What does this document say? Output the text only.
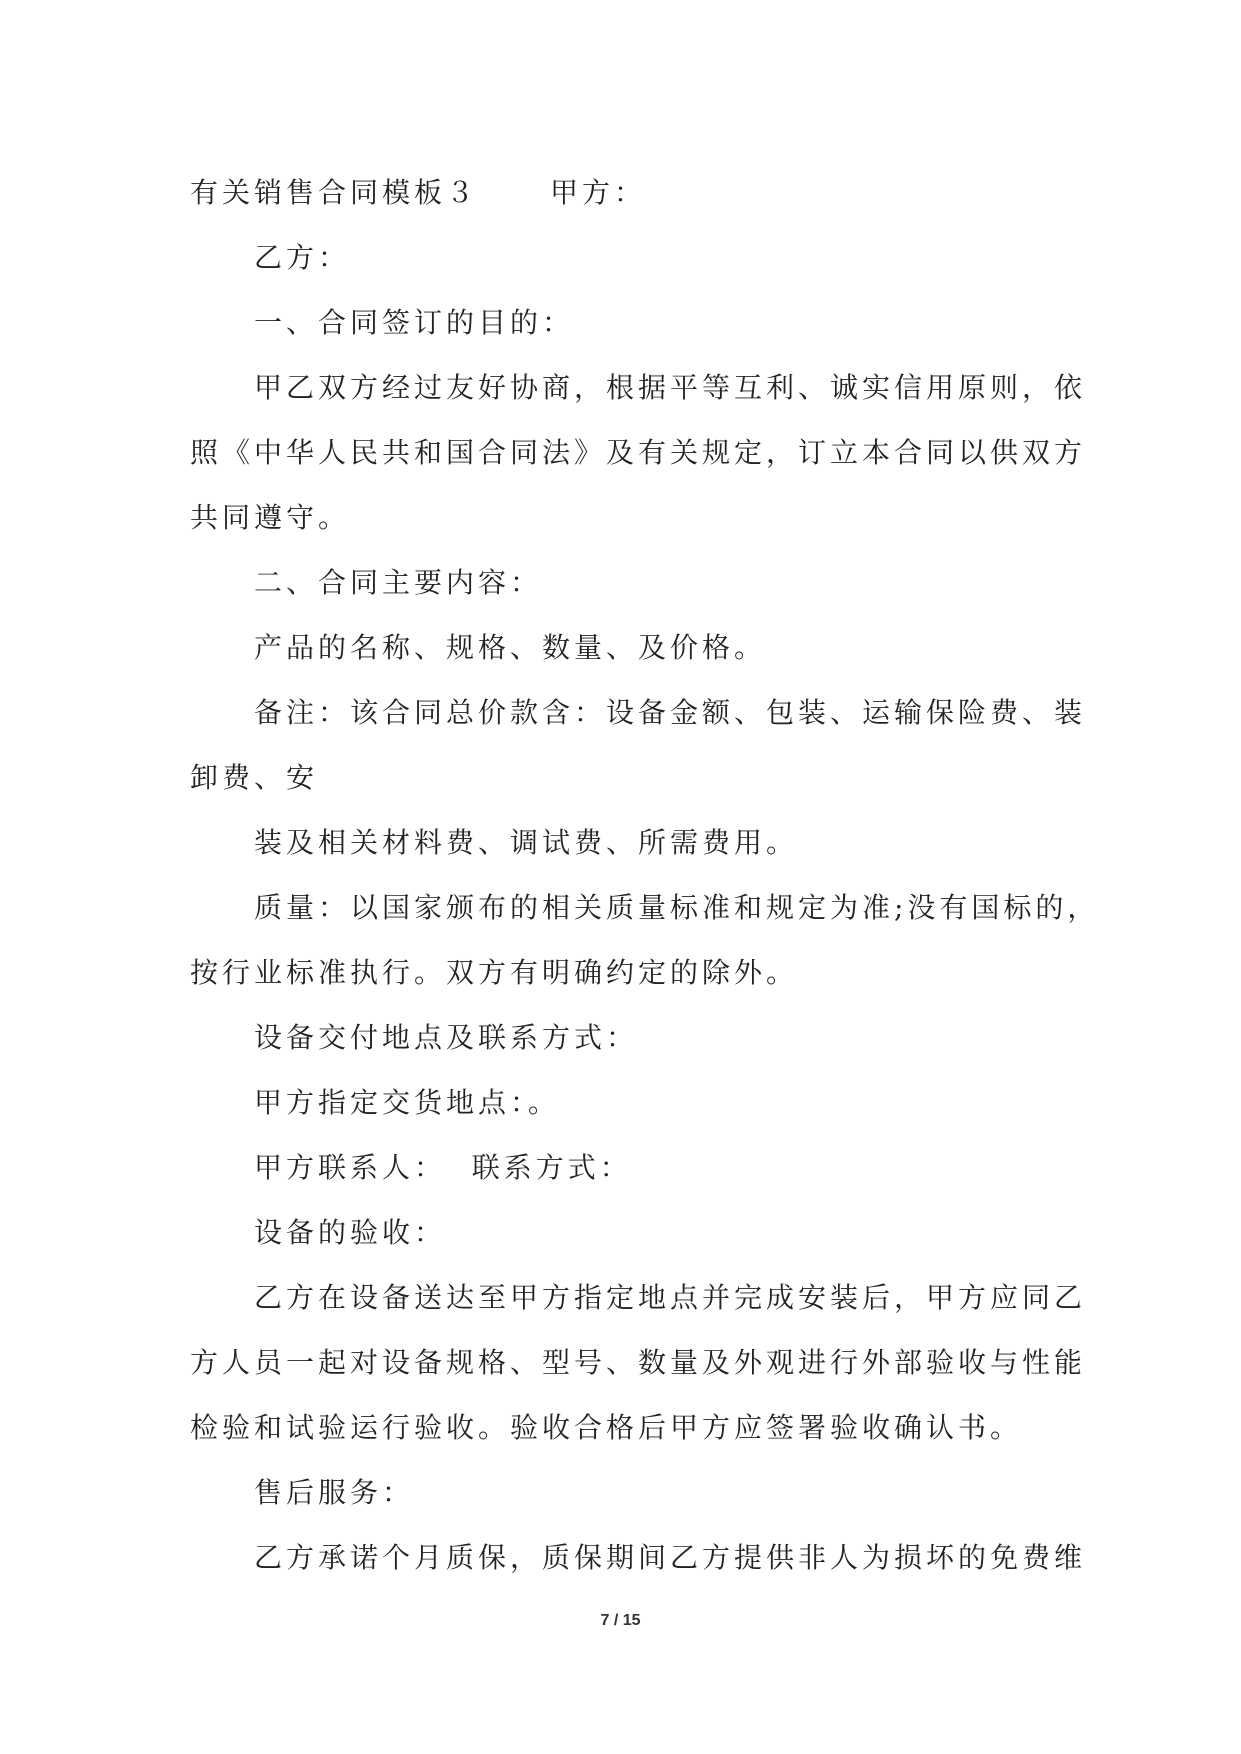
有关销售合同模板３	甲方：
乙方：
一、合同签订的目的：
甲乙双方经过友好协商，根据平等互利、诚实信用原则，依
照《中华人民共和国合同法》及有关规定，订立本合同以供双方
共同遵守。
二、合同主要内容：
产品的名称、规格、数量、及价格。
备注：该合同总价款含：设备金额、包装、运输保险费、装
卸费、安
装及相关材料费、调试费、所需费用。
质量：以国家颁布的相关质量标准和规定为准;没有国标的，
按行业标准执行。双方有明确约定的除外。
设备交付地点及联系方式：
甲方指定交货地点：。
甲方联系人：  联系方式：
设备的验收：
乙方在设备送达至甲方指定地点并完成安装后，甲方应同乙
方人员一起对设备规格、型号、数量及外观进行外部验收与性能
检验和试验运行验收。验收合格后甲方应签署验收确认书。
售后服务：
乙方承诺个月质保，质保期间乙方提供非人为损坏的免费维
7 / 15
